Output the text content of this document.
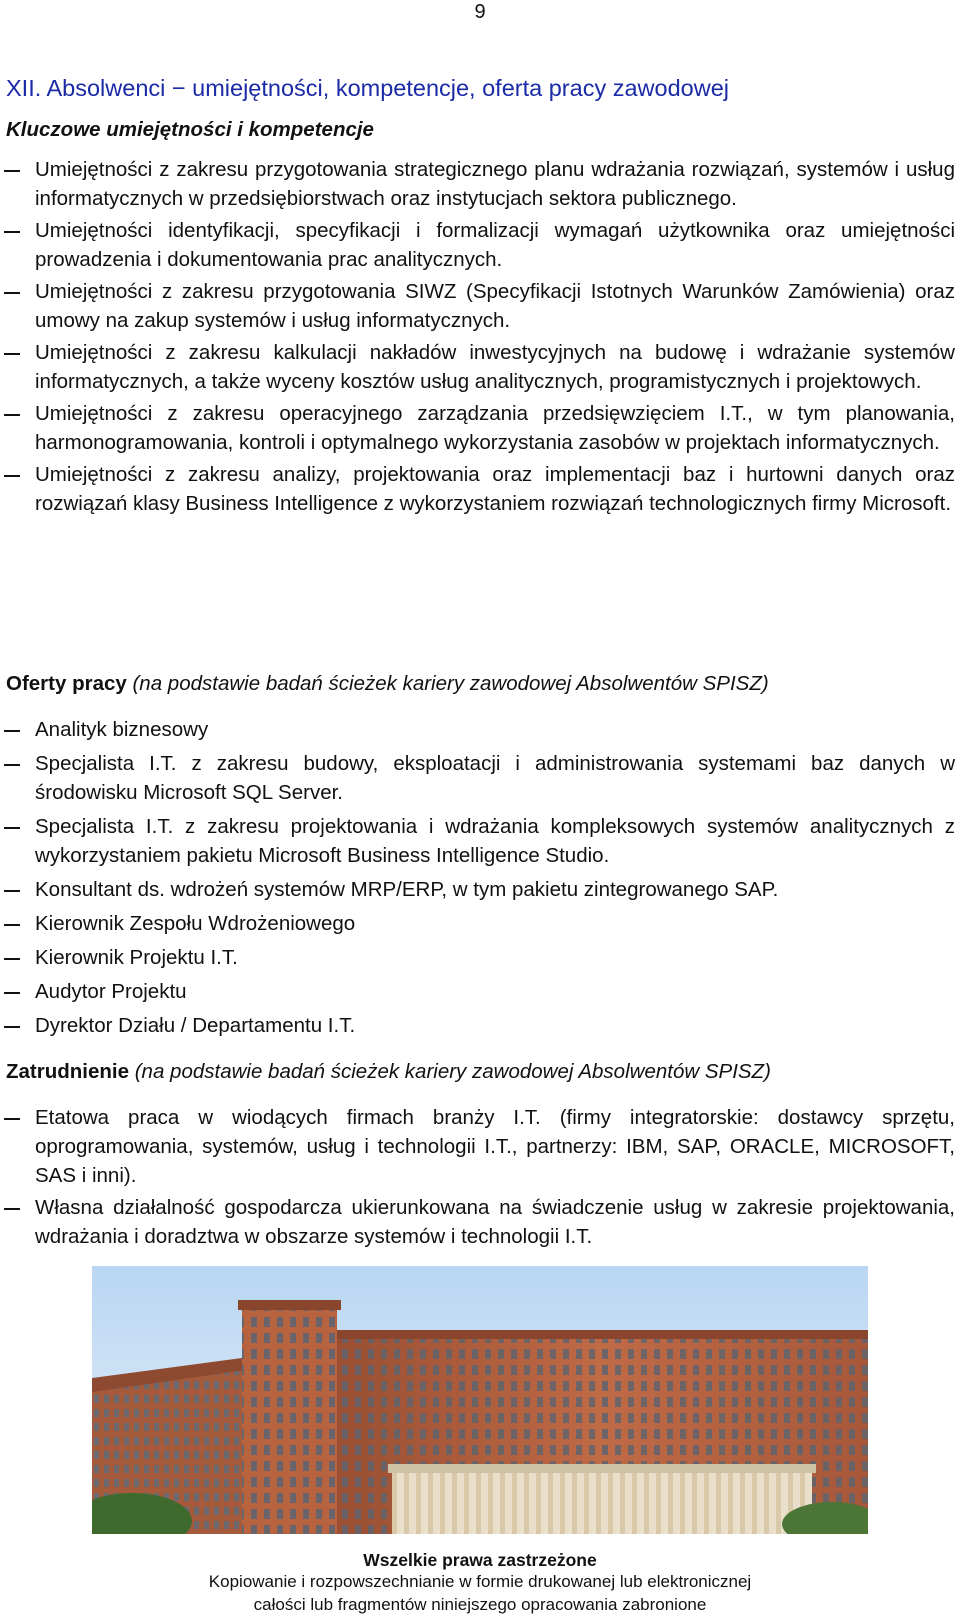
9
XII. Absolwenci − umiejętności, kompetencje, oferta pracy zawodowej
Kluczowe umiejętności i kompetencje
Umiejętności z zakresu przygotowania strategicznego planu wdrażania rozwiązań, systemów i usług informatycznych w przedsiębiorstwach oraz instytucjach sektora publicznego.
Umiejętności identyfikacji, specyfikacji i formalizacji wymagań użytkownika oraz umiejętności prowadzenia i dokumentowania prac analitycznych.
Umiejętności z zakresu przygotowania SIWZ (Specyfikacji Istotnych Warunków Zamówienia) oraz umowy na zakup systemów i usług informatycznych.
Umiejętności z zakresu kalkulacji nakładów inwestycyjnych na budowę i wdrażanie systemów informatycznych, a także wyceny kosztów usług analitycznych, programistycznych i projektowych.
Umiejętności z zakresu operacyjnego zarządzania przedsięwzięciem I.T., w tym planowania, harmonogramowania, kontroli i optymalnego wykorzystania zasobów w projektach informatycznych.
Umiejętności z zakresu analizy, projektowania oraz implementacji baz i hurtowni danych oraz rozwiązań klasy Business Intelligence z wykorzystaniem rozwiązań technologicznych firmy Microsoft.
Oferty pracy (na podstawie badań ścieżek kariery zawodowej Absolwentów SPISZ)
Analityk biznesowy
Specjalista I.T. z zakresu budowy, eksploatacji i administrowania systemami baz danych w środowisku Microsoft SQL Server.
Specjalista I.T. z zakresu projektowania i wdrażania kompleksowych systemów analitycznych z wykorzystaniem pakietu Microsoft Business Intelligence Studio.
Konsultant ds. wdrożeń systemów MRP/ERP, w tym pakietu zintegrowanego SAP.
Kierownik Zespołu Wdrożeniowego
Kierownik Projektu I.T.
Audytor Projektu
Dyrektor Działu / Departamentu I.T.
Zatrudnienie (na podstawie badań ścieżek kariery zawodowej Absolwentów SPISZ)
Etatowa praca w wiodących firmach branży I.T. (firmy integratorskie: dostawcy sprzętu, oprogramowania, systemów, usług i technologii I.T., partnerzy: IBM, SAP, ORACLE, MICROSOFT, SAS i inni).
Własna działalność gospodarcza ukierunkowana na świadczenie usług w zakresie projektowania, wdrażania i doradztwa w obszarze systemów i technologii I.T.
Wszelkie prawa zastrzeżone
Kopiowanie i rozpowszechnianie w formie drukowanej lub elektronicznej
całości lub fragmentów niniejszego opracowania zabronione
